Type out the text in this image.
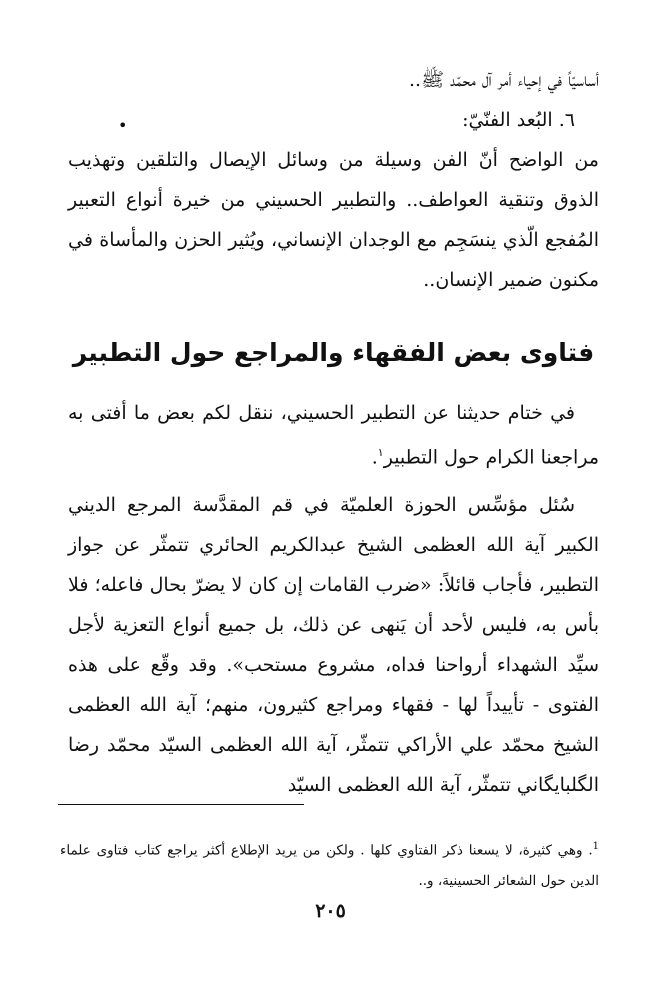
أساسيّاً في إحياء أمر آل محمّد ﷺ..

٦. البُعد الفنّيّ:

•

من الواضح أنّ الفن وسيلة من وسائل الإيصال والتلقين وتهذيب الذوق وتنقية العواطف.. والتطبير الحسيني من خيرة أنواع التعبير المُفجع الّذي ينسَجِم مع الوجدان الإنساني، ويُثير الحزن والمأساة في مكنون ضمير الإنسان..

فتاوى بعض الفقهاء والمراجع حول التطبير

في ختام حديثنا عن التطبير الحسيني، ننقل لكم بعض ما أفتى به مراجعنا الكرام حول التطبير$^١$.

سُئل مؤسِّس الحوزة العلميّة في قم المقدَّسة المرجع الديني الكبير آية الله العظمى الشيخ عبدالكريم الحائري تتمثّر عن جواز التطبير، فأجاب قائلاً: «ضرب القامات إن كان لا يضرّ بحال فاعله؛ فلا بأس به، فليس لأحد أن يَنهى عن ذلك، بل جميع أنواع التعزية لأجل سيِّد الشهداء أرواحنا فداه، مشروع مستحب». وقد وقّع على هذه الفتوى - تأييداً لها - فقهاء ومراجع كثيرون، منهم؛ آية الله العظمى الشيخ محمّد علي الأراكي تتمثّر، آية الله العظمى السيّد محمّد رضا الگلبايگاني تتمثّر، آية الله العظمى السيّد

$^1$. وهي كثيرة، لا يسعنا ذكر الفتاوي كلها . ولكن من يريد الإطلاع أكثر يراجع كتاب فتاوى علماء الدين حول الشعائر الحسينية، و..
٢٠٥
